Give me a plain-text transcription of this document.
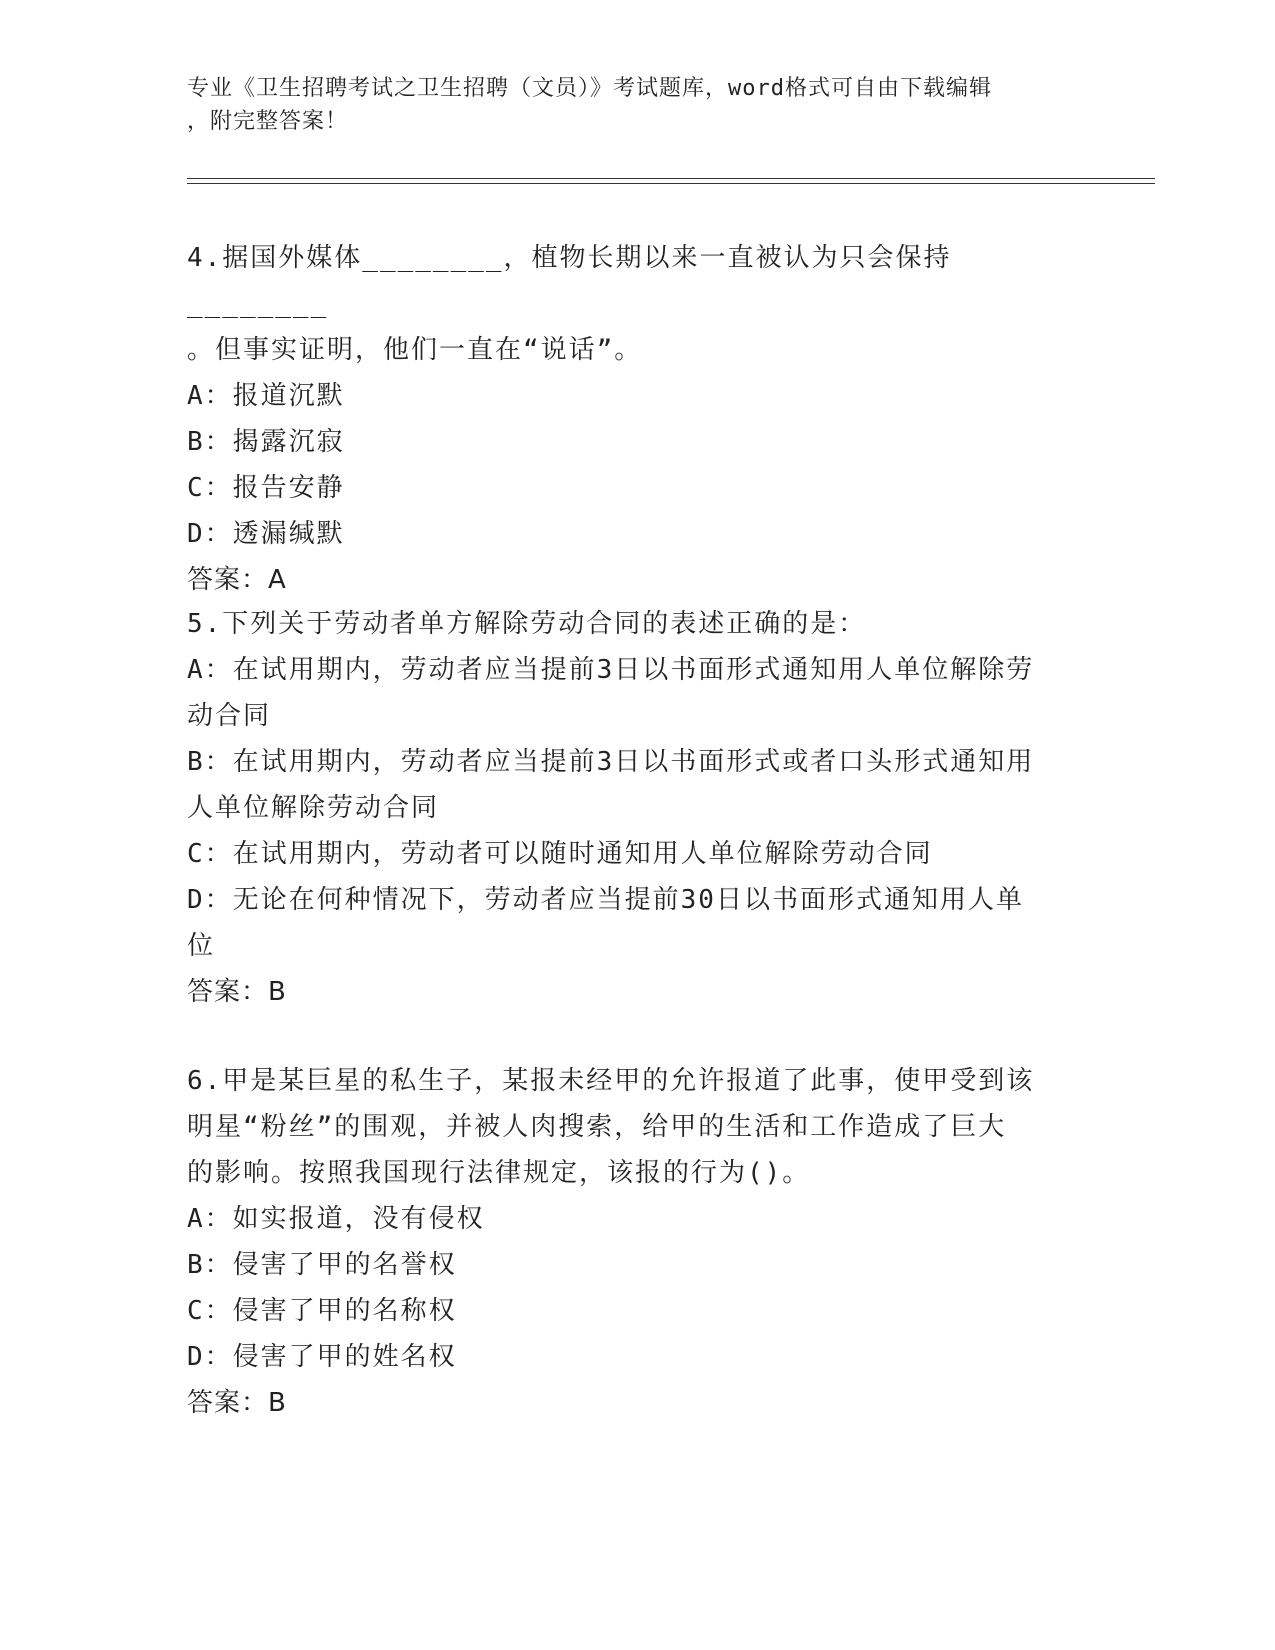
专业《卫生招聘考试之卫生招聘（文员）》考试题库，word格式可自由下载编辑
，附完整答案！
4.据国外媒体________，植物长期以来一直被认为只会保持________
。但事实证明，他们一直在“说话”。
A：报道沉默
B：揭露沉寂
C：报告安静
D：透漏缄默
答案：A
5.下列关于劳动者单方解除劳动合同的表述正确的是：
A：在试用期内，劳动者应当提前3日以书面形式通知用人单位解除劳
动合同
B：在试用期内，劳动者应当提前3日以书面形式或者口头形式通知用
人单位解除劳动合同
C：在试用期内，劳动者可以随时通知用人单位解除劳动合同
D：无论在何种情况下，劳动者应当提前30日以书面形式通知用人单
位
答案：B
6.甲是某巨星的私生子，某报未经甲的允许报道了此事，使甲受到该
明星“粉丝”的围观，并被人肉搜索，给甲的生活和工作造成了巨大
的影响。按照我国现行法律规定，该报的行为()。
A：如实报道，没有侵权
B：侵害了甲的名誉权
C：侵害了甲的名称权
D：侵害了甲的姓名权
答案：B
